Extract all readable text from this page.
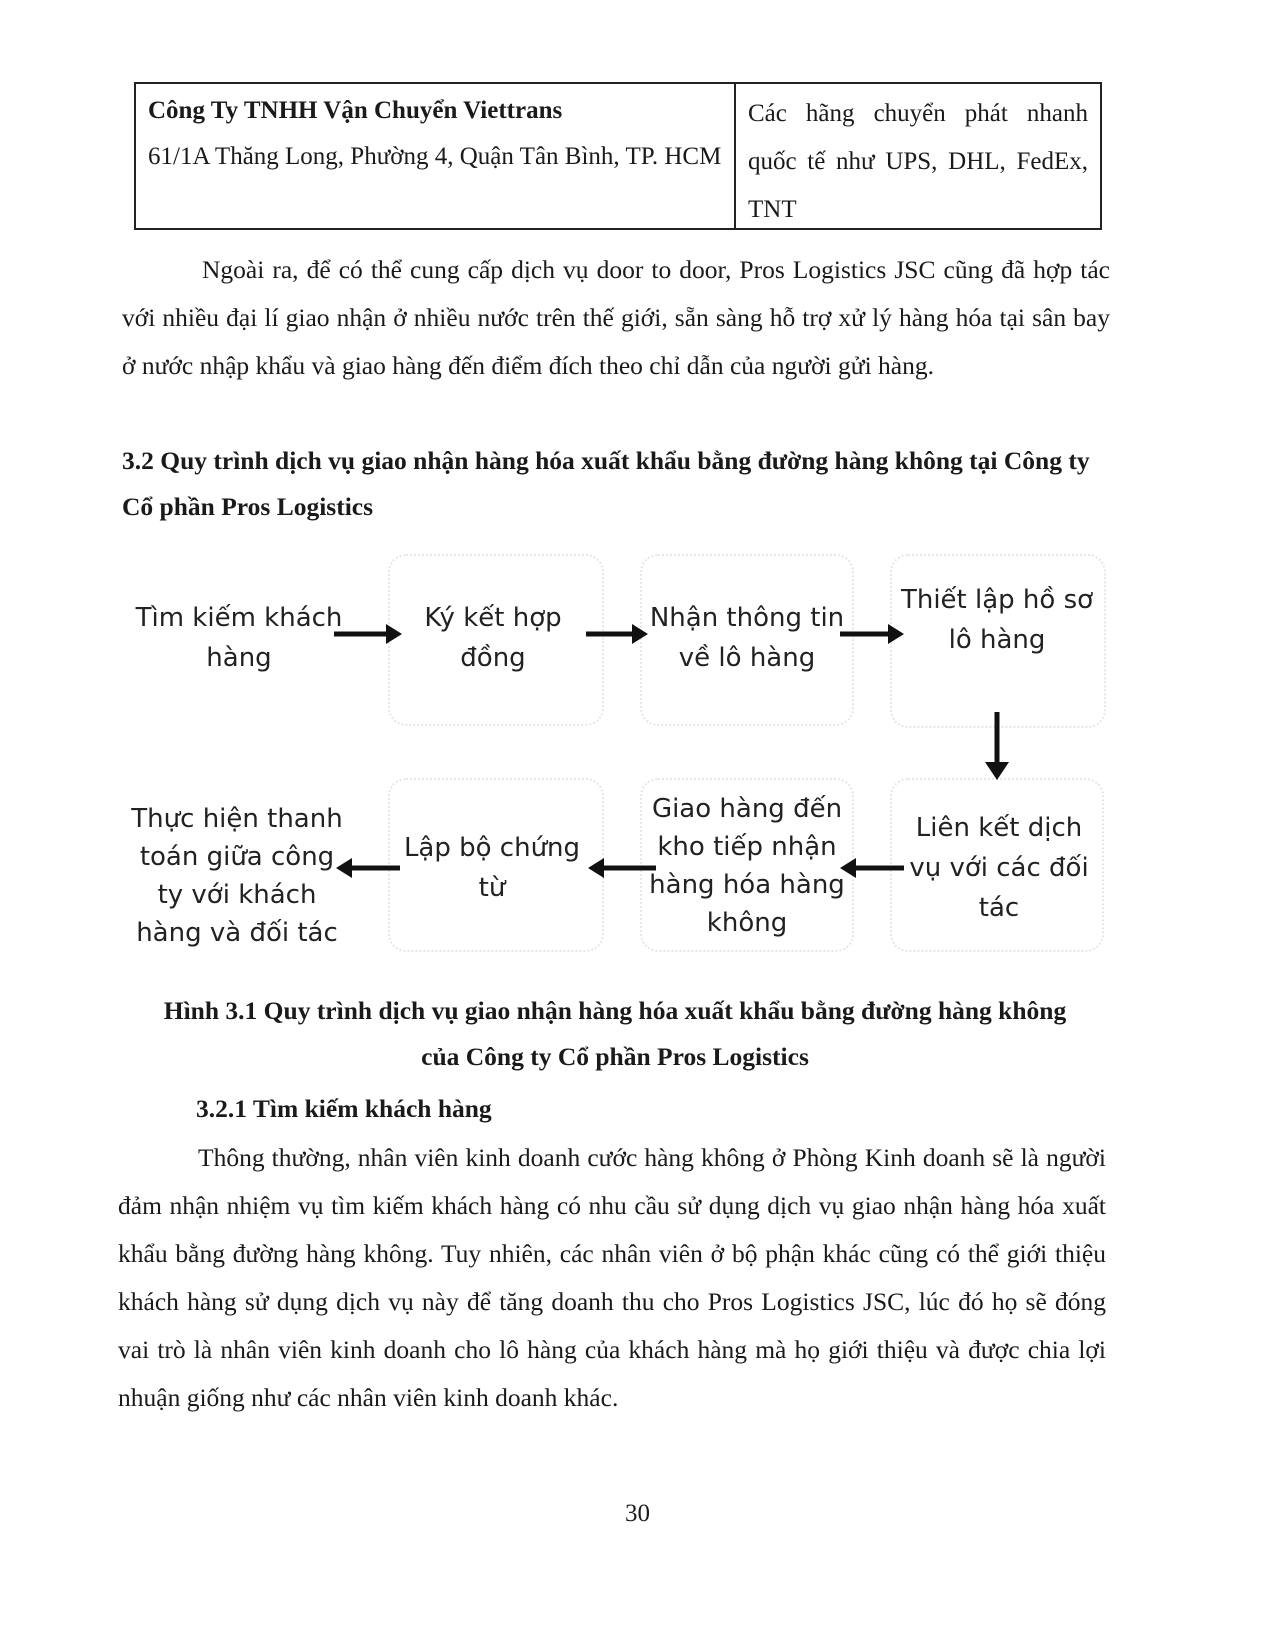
Công Ty TNHH Vận Chuyển Viettrans
61/1A Thăng Long, Phường 4, Quận Tân Bình, TP. HCM
Các hãng chuyển phát nhanh quốc tế như UPS, DHL, FedEx, TNT
Ngoài ra, để có thể cung cấp dịch vụ door to door, Pros Logistics JSC cũng đã hợp tác với nhiều đại lí giao nhận ở nhiều nước trên thế giới, sẵn sàng hỗ trợ xử lý hàng hóa tại sân bay ở nước nhập khẩu và giao hàng đến điểm đích theo chỉ dẫn của người gửi hàng.
3.2 Quy trình dịch vụ giao nhận hàng hóa xuất khẩu bằng đường hàng không tại Công ty Cổ phần Pros Logistics
Tìm kiếm khách hàng
Ký kết hợp đồng
Nhận thông tin về lô hàng
Thiết lập hồ sơ lô hàng
Liên kết dịch vụ với các đối tác
Giao hàng đến kho tiếp nhận hàng hóa hàng không
Lập bộ chứng từ
Thực hiện thanh toán giữa công ty với khách hàng và đối tác
Hình 3.1 Quy trình dịch vụ giao nhận hàng hóa xuất khẩu bằng đường hàng không của Công ty Cổ phần Pros Logistics
3.2.1 Tìm kiếm khách hàng
Thông thường, nhân viên kinh doanh cước hàng không ở Phòng Kinh doanh sẽ là người đảm nhận nhiệm vụ tìm kiếm khách hàng có nhu cầu sử dụng dịch vụ giao nhận hàng hóa xuất khẩu bằng đường hàng không. Tuy nhiên, các nhân viên ở bộ phận khác cũng có thể giới thiệu khách hàng sử dụng dịch vụ này để tăng doanh thu cho Pros Logistics JSC, lúc đó họ sẽ đóng vai trò là nhân viên kinh doanh cho lô hàng của khách hàng mà họ giới thiệu và được chia lợi nhuận giống như các nhân viên kinh doanh khác.
30
